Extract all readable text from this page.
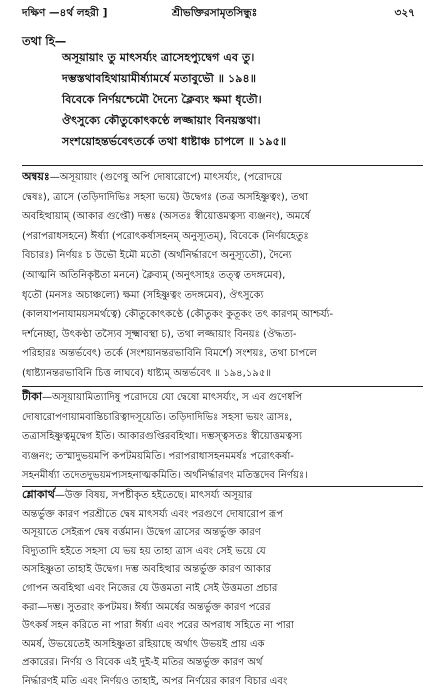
দক্ষিণ —৪র্থ লহরী ]	শ্রীভক্তিরসামৃতসিন্ধুঃ	৩২৭
তথা হি—
অসূয়ায়াং তু মাৎসর্য্যং ত্রাসেহপ্যুদ্বেগ এব তু।
দম্ভস্তথাবহিথায়ামীর্ষ্যামর্ষে মতাবুভৌ ॥ ১৯৪॥
বিবেকে নির্ণয়শ্চেমৌ দৈন্যে ক্লৈব্যং ক্ষমা ধৃতৌ।
ঔৎসুক্যে কৌতুকোৎকণ্ঠে লজ্জায়াং বিনয়স্তথা।
সংশয়োহন্তর্ভবেৎতর্কে তথা ধাষ্টাঞ্চ চাপলে ॥ ১৯৫॥
অন্বয়ঃ—অসূয়ায়াং (গুণেষু অপি দোষারোপে) মাৎসর্য্যং, (পরোদয়ে
দ্বেষঃ), ত্রাসে (তড়িদাদিভিঃ সহসা ভয়ে) উদ্বেগঃ (তত্র অসহিষ্ণুত্বং), তথা
অবহিত্থায়াম্ (আকার গুপ্তৌ) দম্ভঃ (অসতঃ স্বীয়োত্তমত্বস্য ব্যঞ্জনং), অমর্ষে
(পরাপরাধসহনে) ঈর্ষ্যা (পরোৎকর্ষাসহনম্ অনুস্যূতম্), বিবেকে (নির্ণয়হেতুঃ
বিচারঃ) নির্ণয়ঃ চ উভৌ ইমৌ মতৌ (অর্থনির্দ্ধারণে অনুস্যূতৌ), দৈন্যে
(আত্মনি অতিনিকৃষ্টতা মননে) ক্লৈব্যম্ (অনুৎসাহঃ তত্ত্ব তদঙ্গমেব),
ধৃতৌ (মনসঃ অচাঞ্চল্যে) ক্ষমা (সহিষ্ণুত্বং তদঙ্গমেব), ঔৎসুক্যে
(কালযাপনাযাময়সমর্থত্বে) কৌতুকোৎকণ্ঠে (কৌতুকং কুতূকং তৎ কারণম্ আশ্চর্য্য-
দর্শনেচ্ছা, উৎকণ্ঠা তস্যৈব সূক্ষ্মাবস্থা চ), তথা লজ্জায়াং বিনয়ঃ (ঔদ্ধত্য-
পরিহারঃ অন্তর্ভবেৎ) তর্কে (সংশয়ানন্তরভাবিনি বিমর্শে) সংশয়ঃ, তথা চাপলে
(ধাষ্ট্যানন্তরভাবিনি চিত্ত লাঘবে) ধাষ্ট্যম্ অন্তর্ভবেৎ ॥ ১৯৪,১৯৫॥
টীকা—অসূয়ায়ামিত্যাদিষু পরোদয়ে যো দ্বেষো মাৎসর্য্যং, স এব গুণেষ্বপি
দোষারোপণায়ামবান্তিচারিত্বাদসূয়েতি। তড়িদাদিভিঃ সহসা ভয়ং ত্রাসঃ,
তত্রাসহিষ্ণুত্বমুদ্বেগ ইতি। আকারগুপ্তিরবহিত্থা। দম্ভস্ত্বসতঃ স্বীয়োত্তমত্বস্য
ব্যঞ্জনং; তস্মাদুভয়মপি কপটময়মিতি। পরাপরাধাসহনমমর্ষঃ পরোৎকর্ষা-
সহনমীর্ষ্যা তদেতদুভয়মপ্যসহনাত্মকমিতি। অর্থনির্দ্ধারণং মতিস্তদেব নির্ণয়ঃ।
শ্লোকার্থ—উক্ত বিষয়, সপষ্টীকৃত হইতেছে। মাৎসর্য্য অসূয়ার
অন্তর্ভুক্ত কারণ পরশ্রীতে দ্বেষ মাৎসর্য্য এবং পরগুণে দোষারোপ রূপ
অসূয়াতে সেইরূপ দ্বেষ বর্ত্তমান। উদ্বেগ ত্রাসের অন্তর্ভুক্ত কারণ
বিদ্যুতাদি হইতে সহসা যে ভয় হয় তাহা ত্রাস এবং সেই ভয়ে যে
অসহিষ্ণুতা তাহাই উদ্বেগ। দম্ভ অবহিত্থার অন্তর্ভুক্ত কারণ আকার
গোপন অবহিত্থা এবং নিজের যে উত্তমতা নাই সেই উত্তমতা প্রচার
করা—দম্ভ। সুতরাং কপটময়। ঈর্ষ্যা অমর্ষের অন্তর্ভুক্ত কারণ পরের
উৎকর্ষ সহন করিতে না পারা ঈর্ষ্যা এবং পরের অপরাধ সহিতে না পারা
অমর্ষ, উভয়েতেই অসহিষ্ণুতা রহিয়াছে অর্থাৎ উভয়ই প্রায় এক
প্রকারের। নির্ণয় ও বিবেক এই দুই-ই মতির অন্তর্ভুক্ত কারণ অর্থ
নির্দ্ধারণই মতি এবং নির্ণয়ও তাহাই, অপর নির্ণয়ের কারণ বিচার এবং
